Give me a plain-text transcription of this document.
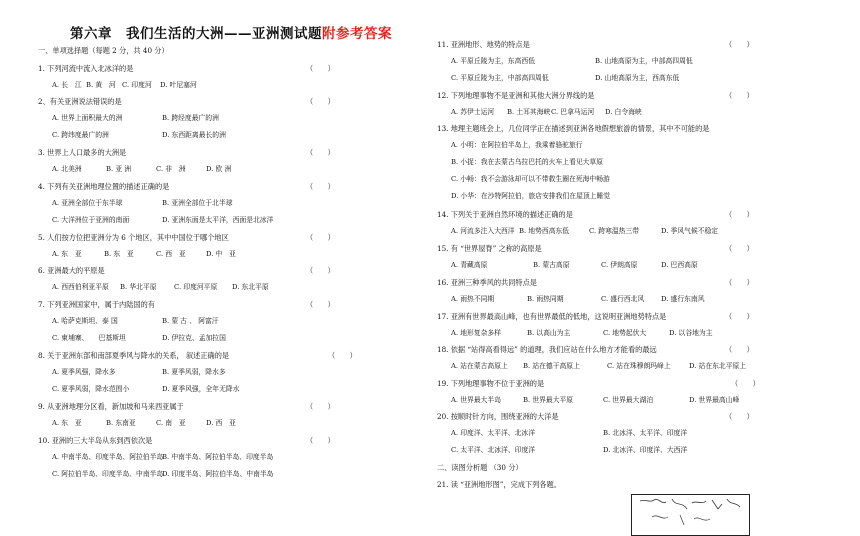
第六章　我们生活的大洲——亚洲测试题附参考答案
一、单项选择题（每题 2 分，共 40 分）
1. 下列河流中流入北冰洋的是	（　　）
A. 长　江 B. 黄　河 C. 印度河 D. 叶尼塞河
2、有关亚洲说法错误的是	（　　）
A. 世界上面积最大的洲	B. 跨经度最广的洲
C. 跨纬度最广的洲	D. 东西距离最长的洲
3. 世界上人口最多的大洲是	（　　）
A. 北美洲	B. 亚 洲	C. 非　洲	D. 欧 洲
4. 下列有关亚洲地理位置的描述正确的是	（　　）
A. 亚洲全部位于东半球	B. 亚洲全部位于北半球
C. 大洋洲位于亚洲的南面	D. 亚洲东面是太平洋，西面是北冰洋
5. 人们按方位把亚洲分为 6 个地区，其中中国位于哪个地区	（　　）
A. 东　亚	B. 东　亚	C. 西　亚	D. 中　亚
6. 亚洲最大的平原是	（　　）
A. 西西伯利亚平原 B. 华北平原	C. 印度河平原 D. 东北平原
7. 下列亚洲国家中，属于内陆国的有	（　　）
A. 哈萨克斯坦、泰 国	B. 蒙 古 、 阿富汗
C. 柬埔寨、　　巴基斯坦	D. 伊拉克、孟加拉国
8. 关于亚洲东部和南部夏季风与降水的关系， 叙述正确的是	（　　）
A. 夏季风强，降水多	B. 夏季风弱，降水多
C. 夏季风弱，降水范围小	D. 夏季风强，全年无降水
9. 从亚洲地理分区看，新加坡和马来西亚属于	（　　）
A. 东　亚	B. 东南亚	C. 南　亚	D. 西　亚
10. 亚洲的三大半岛从东到西依次是	（　　）
A. 中南半岛、印度半岛、阿拉伯半岛
B. 中南半岛、阿拉伯半岛、印度半岛
C. 阿拉伯半岛、印度半岛、中南半岛
D. 印度半岛、阿拉伯半岛、中南半岛
11. 亚洲地形、地势的特点是	（　　）
A. 平原丘陵为主，东高西低	B. 山地高原为主，中部高四周低
C. 平原丘陵为主，中部高四周低	D. 山地高原为主，西高东低
12. 下列地理事物不是亚洲和其他大洲分界线的是	（　　）
A. 苏伊士运河 B. 土耳其海峡 C. 巴拿马运河 D. 白令海峡
13. 地理主题班会上，几位同学正在描述到亚洲各地假想旅游的情景，其中不可能的是
A. 小明：在阿拉伯半岛上，我乘着骆驼旅行
B. 小捉：我在去蒙古乌拉巴托的火车上看见大草原
C. 小畅：我不会游泳却可以不带救生圈在死海中畅游
D. 小华：在沙特阿拉伯，旅店安排我们在屋顶上睡觉
14. 下列关于亚洲自然环境的描述正确的是	（　　）
A. 河流多注入大西洋 B. 地势西高东低	C. 跨寒温热三带	D. 季风气候不稳定
15. 有 “世界屋脊” 之称的高原是	（　　）
A. 青藏高原	B. 蒙古高原	C. 伊朗高原	D. 巴西高原
16. 亚洲三种季风的共同特点是	（　　）
A. 雨热不同期	B. 雨热同期	C. 盛行西北风 D. 盛行东南风
17. 亚洲有世界最高山峰，也有世界最低的低地，这说明亚洲地势特点是	（　　）
A. 地形复杂多样	B. 以高山为主	C. 地势起伏大	D. 以谷地为主
18. 依据 “站得高看得远” 的道理，我们应站在什么地方才能看的最远	（　　）
A. 站在蒙古高原上 B. 站在德干高原上	C. 站在珠穆朗玛峰上	D. 站在东北平原上
19. 下列地理事物不位于亚洲的是	（　　）
A. 世界最大半岛	B. 世界最大平原	C. 世界最大湖泊	D. 世界最高山峰
20. 按顺时针方向，围绕亚洲的大洋是	（　　）
A. 印度洋、太平洋、北冰洋	B. 北冰洋、太平洋、印度洋
C. 太平洋、北冰洋、印度洋	D. 北冰洋、印度洋、大西洋
二、读图分析题 （30 分）
21. 读 “亚洲地形图”，完成下列各题。
